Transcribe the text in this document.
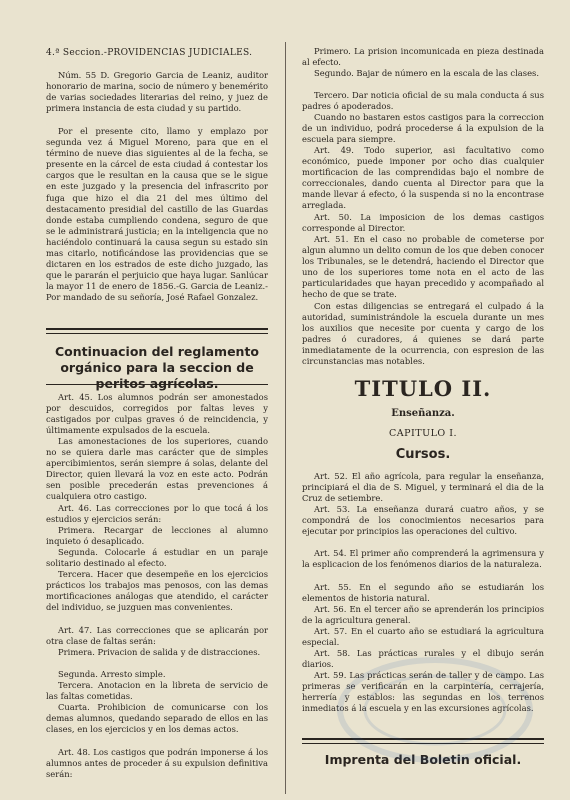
4.ª Seccion.-PROVIDENCIAS JUDICIALES.

Núm. 55 D. Gregorio Garcia de Leaniz, auditor honorario de marina, socio de número y benemérito de varias sociedades literarias del reino, y juez de primera instancia de esta ciudad y su partido.

Por el presente cito, llamo y emplazo por segunda vez á Miguel Moreno, para que en el término de nueve dias siguientes al de la fecha, se presente en la cárcel de esta ciudad á contestar los cargos que le resultan en la causa que se le sigue en este juzgado y la presencia del infrascrito por fuga que hizo el dia 21 del mes último del destacamento presidial del castillo de las Guardas donde estaba cumpliendo condena, seguro de que se le administrará justicia; en la inteligencia que no haciéndolo continuará la causa segun su estado sin mas citarlo, notificándose las providencias que se dictaren en los estrados de este dicho juzgado, las que le pararán el perjuicio que haya lugar. Sanlúcar la mayor 11 de enero de 1856.-G. Garcia de Leaniz.-Por mandado de su señoría, José Rafael Gonzalez.

Continuacion del reglamento orgánico para la seccion de peritos agrícolas.

Art. 45. Los alumnos podrán ser amonestados por descuidos, corregidos por faltas leves y castigados por culpas graves ó de reincidencia, y últimamente expulsados de la escuela.

Las amonestaciones de los superiores, cuando no se quiera darle mas carácter que de simples apercibimientos, serán siempre á solas, delante del Director, quien llevará la voz en este acto. Podrán sen posible precederán estas prevenciones á cualquiera otro castigo.

Art. 46. Las correcciones por lo que tocá á los estudios y ejercicios serán:

Primera. Recargar de lecciones al alumno inquieto ó desaplicado.

Segunda. Colocarle á estudiar en un paraje solitario destinado al efecto.

Tercera. Hacer que desempeñe en los ejercicios prácticos los trabajos mas penosos, con las demas mortificaciones análogas que atendido, el carácter del individuo, se juzguen mas convenientes.

Art. 47. Las correcciones que se aplicarán por otra clase de faltas serán:

Primera. Privacion de salida y de distracciones.

Segunda. Arresto simple.

Tercera. Anotacion en la libreta de servicio de las faltas cometidas.

Cuarta. Prohibicion de comunicarse con los demas alumnos, quedando separado de ellos en las clases, en los ejercicios y en los demas actos.

Art. 48. Los castigos que podrán imponerse á los alumnos antes de proceder á su expulsion definitiva serán:

Primero. La prision incomunicada en pieza destinada al efecto.

Segundo. Bajar de número en la escala de las clases.

Tercero. Dar noticia oficial de su mala conducta á sus padres ó apoderados.

Cuando no bastaren estos castigos para la correccion de un individuo, podrá procederse á la expulsion de la escuela para siempre.

Art. 49. Todo superior, asi facultativo como económico, puede imponer por ocho dias cualquier mortificacion de las comprendidas bajo el nombre de correccionales, dando cuenta al Director para que la mande llevar á efecto, ó la suspenda si no la encontrase arreglada.

Art. 50. La imposicion de los demas castigos corresponde al Director.

Art. 51. En el caso no probable de cometerse por algun alumno un delito comun de los que deben conocer los Tribunales, se le detendrá, haciendo el Director que uno de los superiores tome nota en el acto de las particularidades que hayan precedido y acompañado al hecho de que se trate.

Con estas diligencias se entregará el culpado á la autoridad, suministrándole la escuela durante un mes los auxilios que necesite por cuenta y cargo de los padres ó curadores, á quienes se dará parte inmediatamente de la ocurrencia, con espresion de las circunstancias mas notables.

TITULO II.
Enseñanza.
CAPITULO I.
Cursos.

Art. 52. El año agrícola, para regular la enseñanza, principiará el dia de S. Miguel, y terminará el dia de la Cruz de setiembre.

Art. 53. La enseñanza durará cuatro años, y se compondrá de los conocimientos necesarios para ejecutar por principios las operaciones del cultivo.

Art. 54. El primer año comprenderá la agrimensura y la esplicacion de los fenómenos diarios de la naturaleza.

Art. 55. En el segundo año se estudiarán los elementos de historia natural.

Art. 56. En el tercer año se aprenderán los principios de la agricultura general.

Art. 57. En el cuarto año se estudiará la agricultura especial.

Art. 58. Las prácticas rurales y el dibujo serán diarios.

Art. 59. Las prácticas serán de taller y de campo. Las primeras se verificarán en la carpintería, cerrajería, herrería y establos: las segundas en los terrenos inmediatos á la escuela y en las excursiones agrícolas.

Imprenta del Boletin oficial.
